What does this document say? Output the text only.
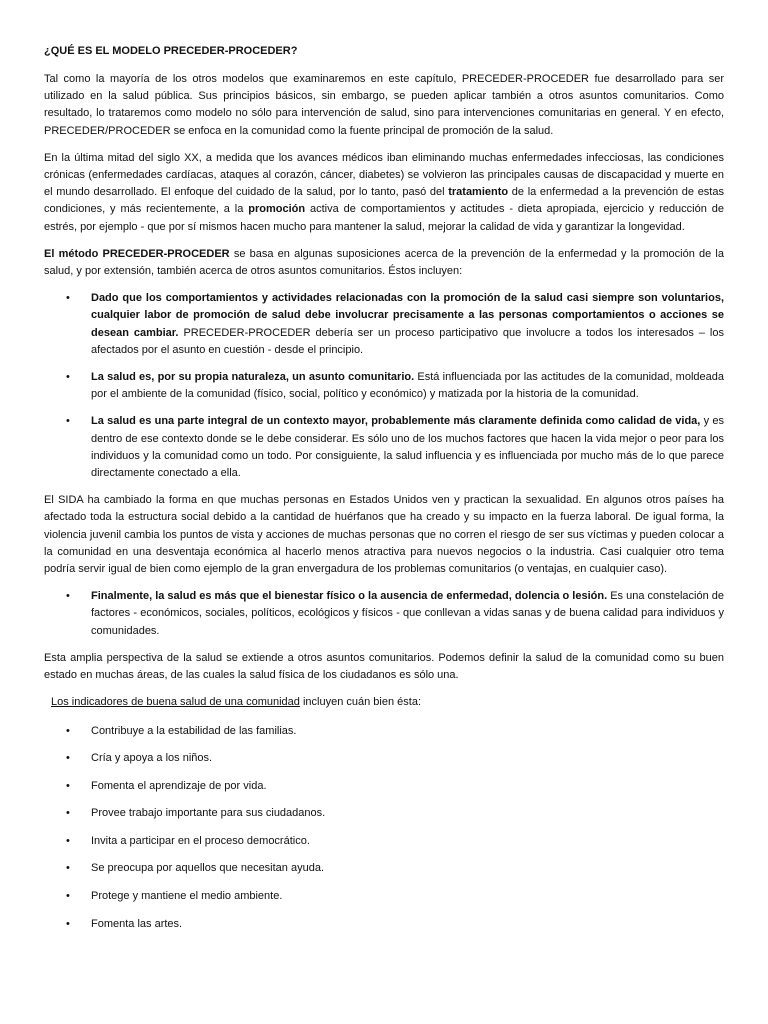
¿QUÉ ES EL MODELO PRECEDER-PROCEDER?

Tal como la mayoría de los otros modelos que examinaremos en este capítulo, PRECEDER-PROCEDER fue desarrollado para ser utilizado en la salud pública. Sus principios básicos, sin embargo, se pueden aplicar también a otros asuntos comunitarios. Como resultado, lo trataremos como modelo no sólo para intervención de salud, sino para intervenciones comunitarias en general. Y en efecto, PRECEDER/PROCEDER se enfoca en la comunidad como la fuente principal de promoción de la salud.

En la última mitad del siglo XX, a medida que los avances médicos iban eliminando muchas enfermedades infecciosas, las condiciones crónicas (enfermedades cardíacas, ataques al corazón, cáncer, diabetes) se volvieron las principales causas de discapacidad y muerte en el mundo desarrollado. El enfoque del cuidado de la salud, por lo tanto, pasó del tratamiento de la enfermedad a la prevención de estas condiciones, y más recientemente, a la promoción activa de comportamientos y actitudes - dieta apropiada, ejercicio y reducción de estrés, por ejemplo - que por sí mismos hacen mucho para mantener la salud, mejorar la calidad de vida y garantizar la longevidad.

El método PRECEDER-PROCEDER se basa en algunas suposiciones acerca de la prevención de la enfermedad y la promoción de la salud, y por extensión, también acerca de otros asuntos comunitarios. Éstos incluyen:

• Dado que los comportamientos y actividades relacionadas con la promoción de la salud casi siempre son voluntarios, cualquier labor de promoción de salud debe involucrar precisamente a las personas comportamientos o acciones se desean cambiar. PRECEDER-PROCEDER debería ser un proceso participativo que involucre a todos los interesados – los afectados por el asunto en cuestión - desde el principio.
• La salud es, por su propia naturaleza, un asunto comunitario. Está influenciada por las actitudes de la comunidad, moldeada por el ambiente de la comunidad (físico, social, político y económico) y matizada por la historia de la comunidad.
• La salud es una parte integral de un contexto mayor, probablemente más claramente definida como calidad de vida, y es dentro de ese contexto donde se le debe considerar. Es sólo uno de los muchos factores que hacen la vida mejor o peor para los individuos y la comunidad como un todo. Por consiguiente, la salud influencia y es influenciada por mucho más de lo que parece directamente conectado a ella.

El SIDA ha cambiado la forma en que muchas personas en Estados Unidos ven y practican la sexualidad. En algunos otros países ha afectado toda la estructura social debido a la cantidad de huérfanos que ha creado y su impacto en la fuerza laboral. De igual forma, la violencia juvenil cambia los puntos de vista y acciones de muchas personas que no corren el riesgo de ser sus víctimas y pueden colocar a la comunidad en una desventaja económica al hacerlo menos atractiva para nuevos negocios o la industria. Casi cualquier otro tema podría servir igual de bien como ejemplo de la gran envergadura de los problemas comunitarios (o ventajas, en cualquier caso).

• Finalmente, la salud es más que el bienestar físico o la ausencia de enfermedad, dolencia o lesión. Es una constelación de factores - económicos, sociales, políticos, ecológicos y físicos - que conllevan a vidas sanas y de buena calidad para individuos y comunidades.

Esta amplia perspectiva de la salud se extiende a otros asuntos comunitarios. Podemos definir la salud de la comunidad como su buen estado en muchas áreas, de las cuales la salud física de los ciudadanos es sólo una.

Los indicadores de buena salud de una comunidad incluyen cuán bien ésta:

• Contribuye a la estabilidad de las familias.
• Cría y apoya a los niños.
• Fomenta el aprendizaje de por vida.
• Provee trabajo importante para sus ciudadanos.
• Invita a participar en el proceso democrático.
• Se preocupa por aquellos que necesitan ayuda.
• Protege y mantiene el medio ambiente.
• Fomenta las artes.
